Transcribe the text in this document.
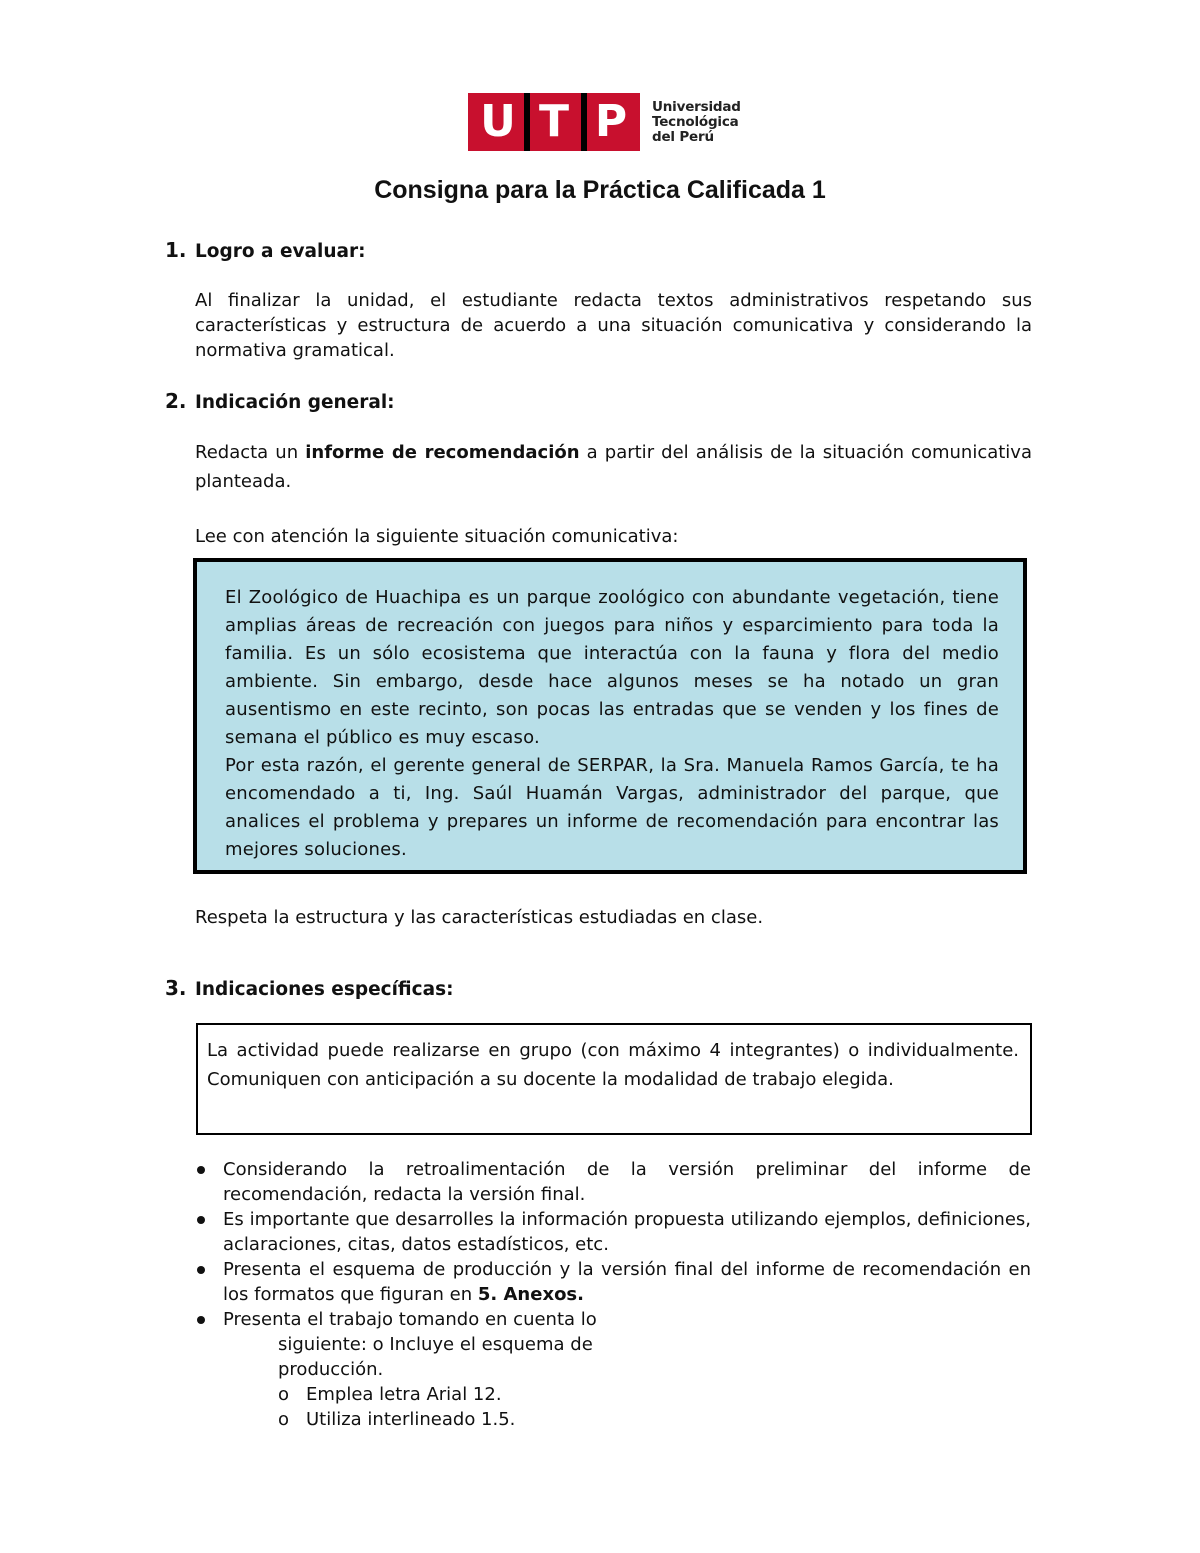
U T P	Universidad
Tecnológica
del Perú
Consigna para la Práctica Calificada 1
1. Logro a evaluar:
Al finalizar la unidad, el estudiante redacta textos administrativos respetando sus características y estructura de acuerdo a una situación comunicativa y considerando la normativa gramatical.
2. Indicación general:
Redacta un informe de recomendación a partir del análisis de la situación comunicativa planteada.
Lee con atención la siguiente situación comunicativa:
El Zoológico de Huachipa es un parque zoológico con abundante vegetación, tiene amplias áreas de recreación con juegos para niños y esparcimiento para toda la familia. Es un sólo ecosistema que interactúa con la fauna y flora del medio ambiente. Sin embargo, desde hace algunos meses se ha notado un gran ausentismo en este recinto, son pocas las entradas que se venden y los fines de semana el público es muy escaso.
Por esta razón, el gerente general de SERPAR, la Sra. Manuela Ramos García, te ha encomendado a ti, Ing. Saúl Huamán Vargas, administrador del parque, que analices el problema y prepares un informe de recomendación para encontrar las mejores soluciones.
Respeta la estructura y las características estudiadas en clase.
3. Indicaciones específicas:
La actividad puede realizarse en grupo (con máximo 4 integrantes) o individualmente. Comuniquen con anticipación a su docente la modalidad de trabajo elegida.
Considerando la retroalimentación de la versión preliminar del informe de recomendación, redacta la versión final.
Es importante que desarrolles la información propuesta utilizando ejemplos, definiciones, aclaraciones, citas, datos estadísticos, etc.
Presenta el esquema de producción y la versión final del informe de recomendación en los formatos que figuran en 5. Anexos.
Presenta el trabajo tomando en cuenta lo
siguiente: o Incluye el esquema de
producción.
o Emplea letra Arial 12.
o Utiliza interlineado 1.5.
